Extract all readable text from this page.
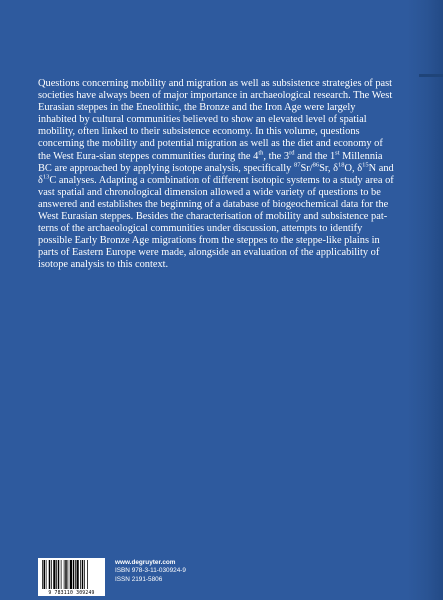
Questions concerning mobility and migration as well as subsistence strategies of past societies have always been of major importance in archaeological research. The West Eurasian steppes in the Eneolithic, the Bronze and the Iron Age were largely inhabited by cultural communities believed to show an elevated level of spatial mobility, often linked to their subsistence economy. In this volume, questions concerning the mobility and potential migration as well as the diet and economy of the West Eura-sian steppes communities during the 4th, the 3rd and the 1st Millennia BC are approached by applying isotope analysis, specifically $^{87}$Sr/$^{86}$Sr, $\delta^{18}O$, $\delta^{15}N$ and $\delta^{13}C$ analyses. Adapting a combination of different isotopic systems to a study area of vast spatial and chronological dimension allowed a wide variety of questions to be answered and establishes the beginning of a database of biogeochemical data for the West Eurasian steppes. Besides the characterisation of mobility and subsistence pat-terns of the archaeological communities under discussion, attempts to identify possible Early Bronze Age migrations from the steppes to the steppe-like plains in parts of Eastern Europe were made, alongside an evaluation of the applicability of isotope analysis to this context.

9 783110 309249
www.degruyter.com
ISBN 978-3-11-030924-9
ISSN 2191-5806
